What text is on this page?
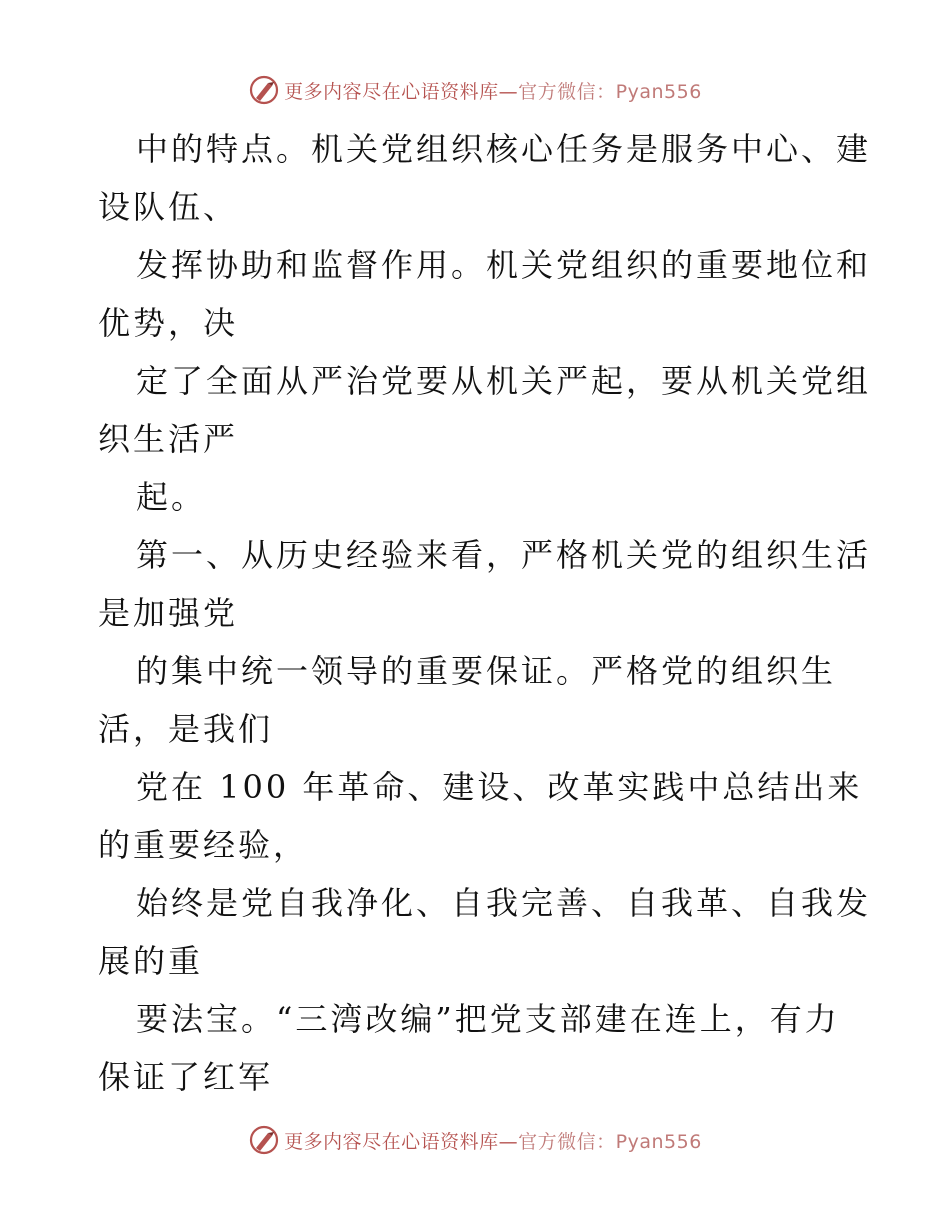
更多内容尽在心语资料库—官方微信：Pyan556

中的特点。机关党组织核心任务是服务中心、建

设队伍、

发挥协助和监督作用。机关党组织的重要地位和

优势，决

定了全面从严治党要从机关严起，要从机关党组

织生活严

起。

第一、从历史经验来看，严格机关党的组织生活

是加强党

的集中统一领导的重要保证。严格党的组织生

活，是我们

党在 100 年革命、建设、改革实践中总结出来

的重要经验，

始终是党自我净化、自我完善、自我革、自我发

展的重

要法宝。“三湾改编”把党支部建在连上，有力

保证了红军

更多内容尽在心语资料库—官方微信：Pyan556
